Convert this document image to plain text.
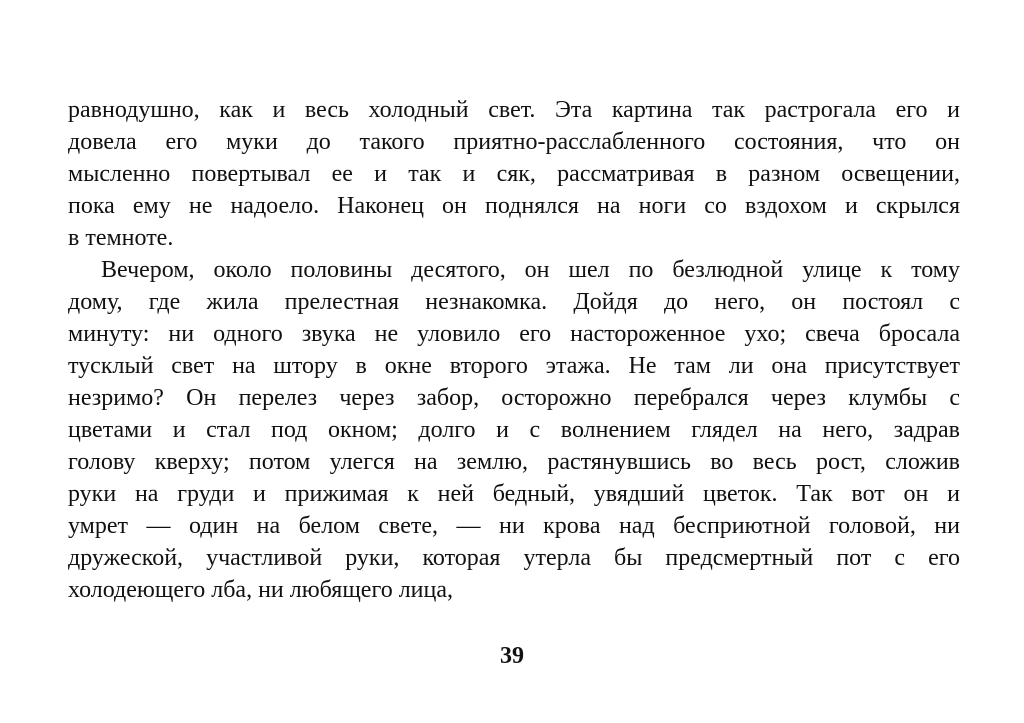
равнодушно, как и весь холодный свет. Эта картина так растрогала его и
довела его муки до такого приятно-расслабленного состояния, что он
мысленно повертывал ее и так и сяк, рассматривая в разном освещении,
пока ему не надоело. Наконец он поднялся на ноги со вздохом и скрылся
в темноте.
Вечером, около половины десятого, он шел по безлюдной улице к тому
дому, где жила прелестная незнакомка. Дойдя до него, он постоял с
минуту: ни одного звука не уловило его настороженное ухо; свеча бросала
тусклый свет на штору в окне второго этажа. Не там ли она присутствует
незримо? Он перелез через забор, осторожно перебрался через клумбы с
цветами и стал под окном; долго и с волнением глядел на него, задрав
голову кверху; потом улегся на землю, растянувшись во весь рост, сложив
руки на груди и прижимая к ней бедный, увядший цветок. Так вот он и
умрет — один на белом свете, — ни крова над бесприютной головой, ни
дружеской, участливой руки, которая утерла бы предсмертный пот с его
холодеющего лба, ни любящего лица,
39
